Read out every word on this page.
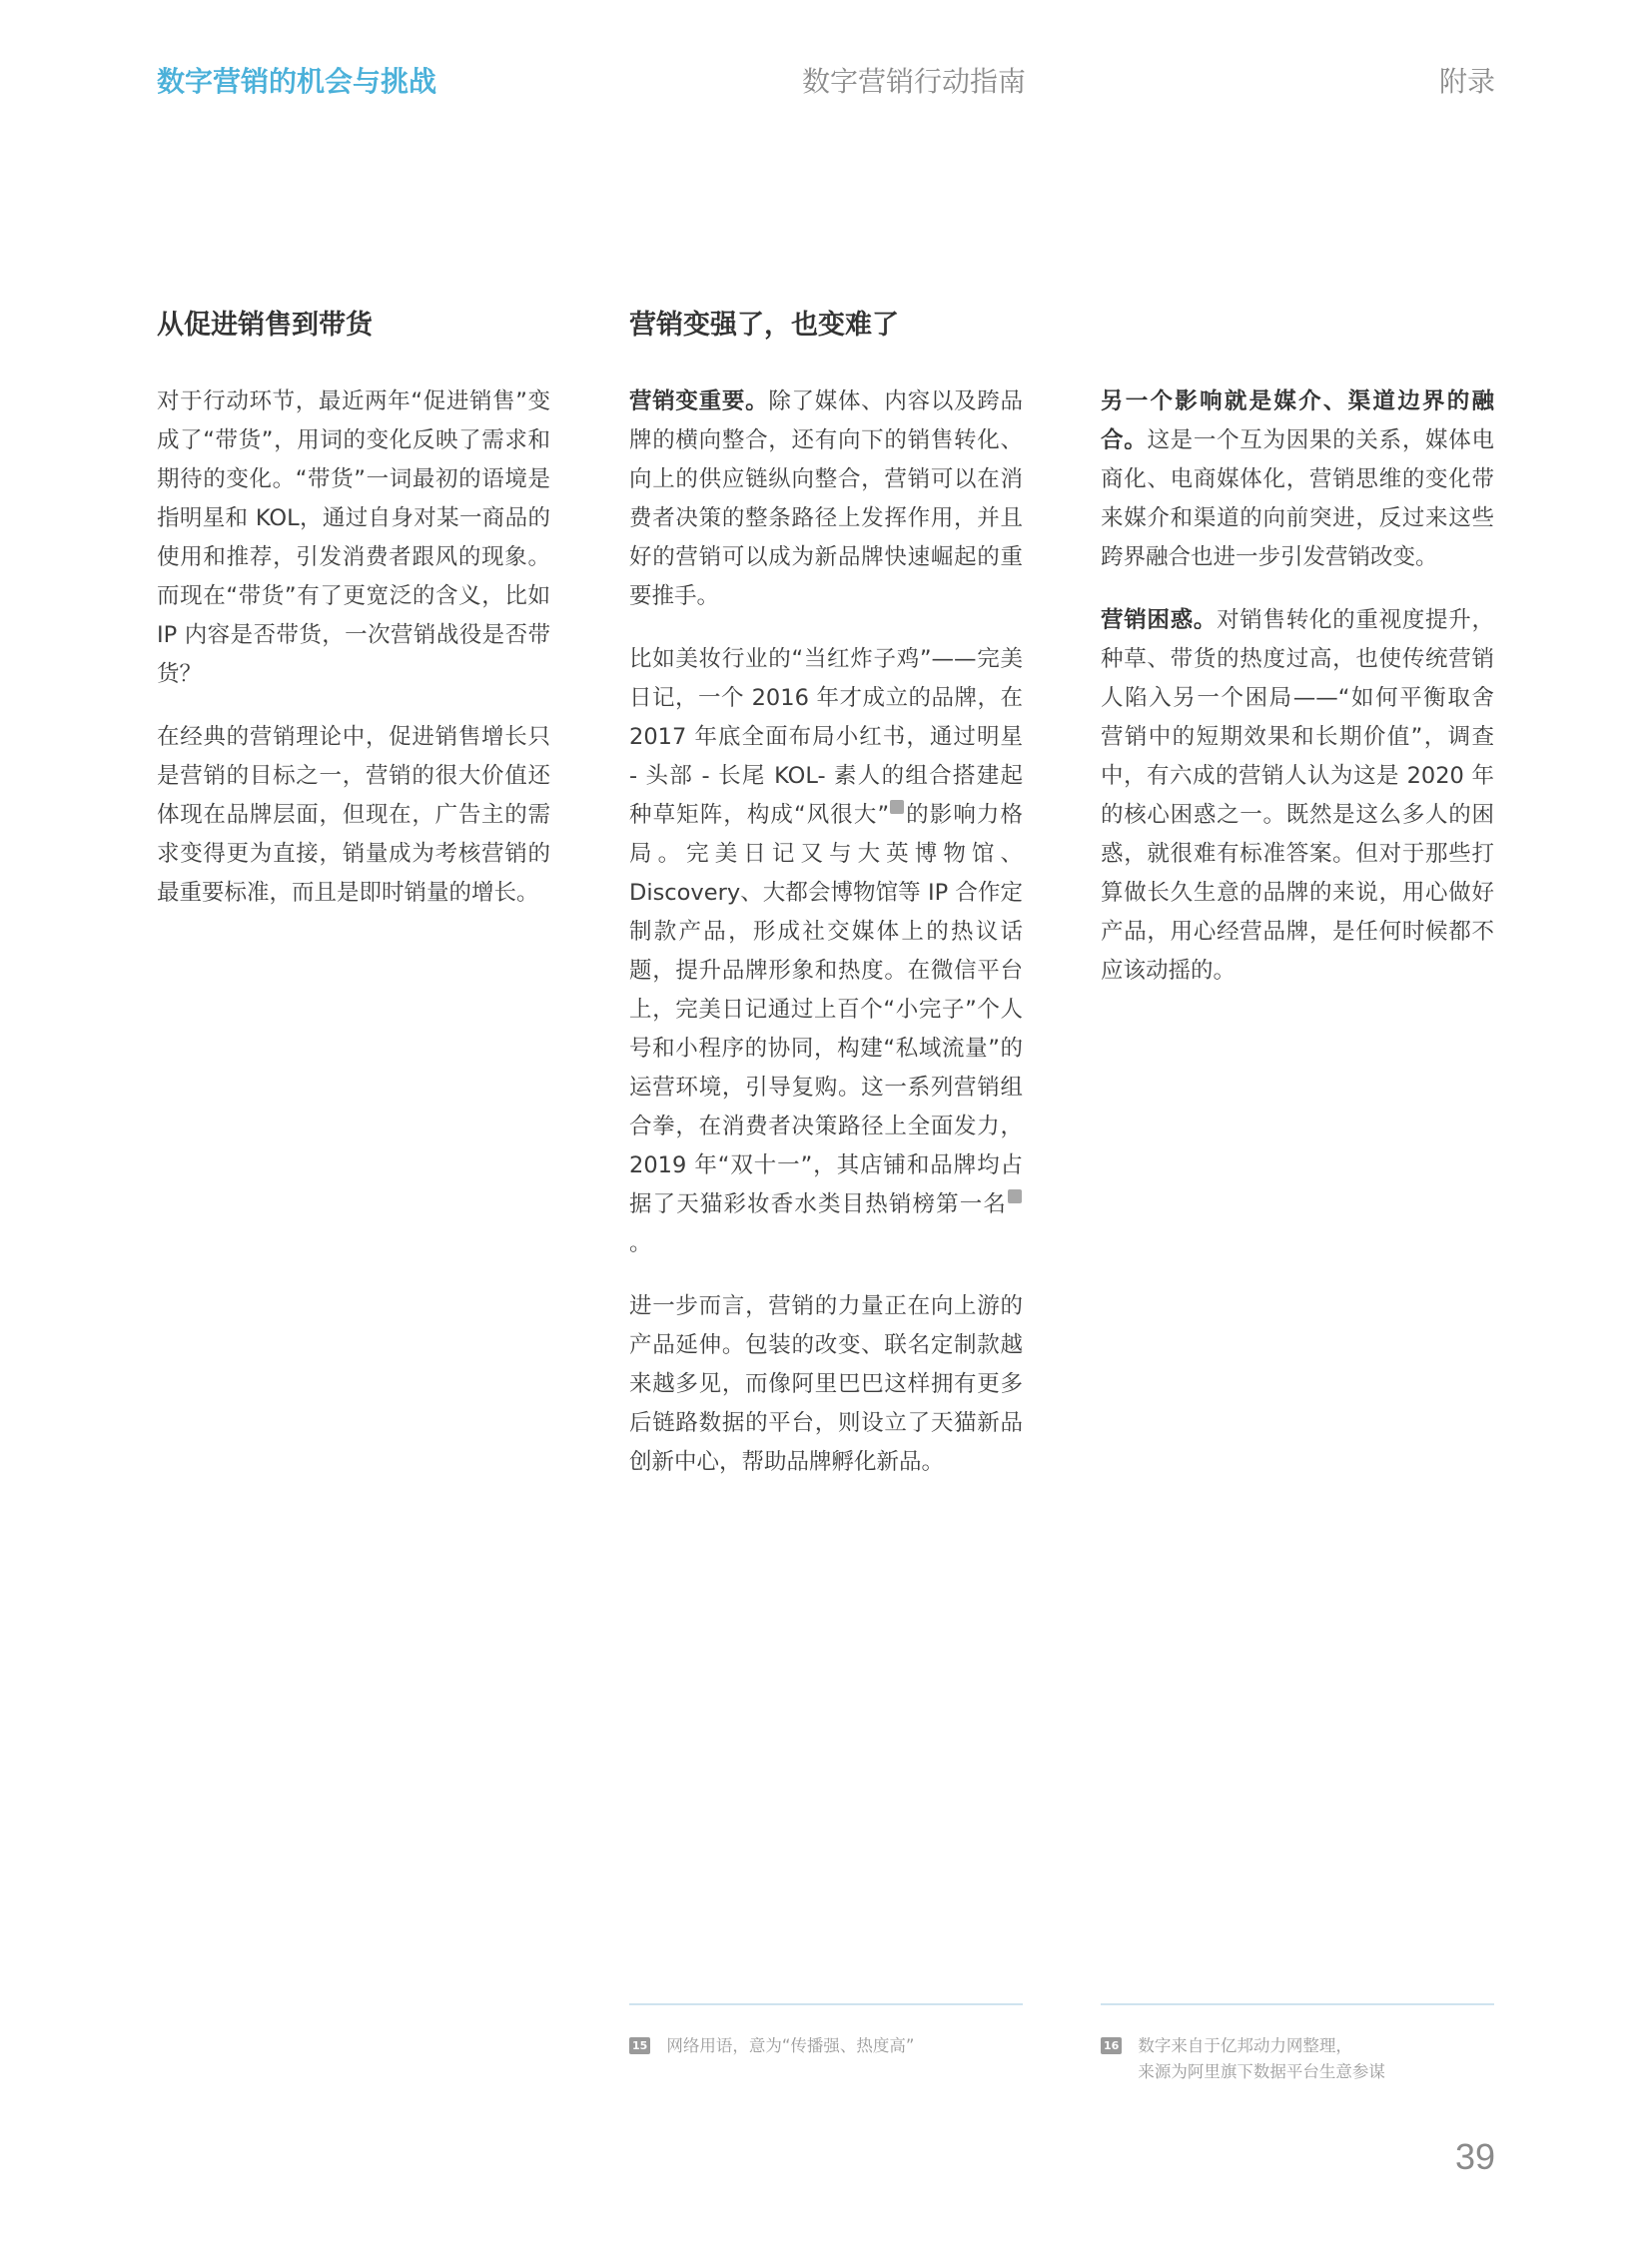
数字营销的机会与挑战	数字营销行动指南	附录
从促进销售到带货

对于行动环节，最近两年“促进销售”变成了“带货”，用词的变化反映了需求和期待的变化。“带货”一词最初的语境是指明星和 KOL，通过自身对某一商品的使用和推荐，引发消费者跟风的现象。而现在“带货”有了更宽泛的含义，比如 IP 内容是否带货，一次营销战役是否带货？

在经典的营销理论中，促进销售增长只是营销的目标之一，营销的很大价值还体现在品牌层面，但现在，广告主的需求变得更为直接，销量成为考核营销的最重要标准，而且是即时销量的增长。

营销变强了，也变难了

营销变重要。除了媒体、内容以及跨品牌的横向整合，还有向下的销售转化、向上的供应链纵向整合，营销可以在消费者决策的整条路径上发挥作用，并且好的营销可以成为新品牌快速崛起的重要推手。

比如美妆行业的“当红炸子鸡”——完美日记，一个 2016 年才成立的品牌，在 2017 年底全面布局小红书，通过明星 - 头部 - 长尾 KOL- 素人的组合搭建起种草矩阵，构成“风很大” 的影响力格局。完美日记又与大英博物馆、Discovery、大都会博物馆等 IP 合作定制款产品，形成社交媒体上的热议话题，提升品牌形象和热度。在微信平台上，完美日记通过上百个“小完子”个人号和小程序的协同，构建“私域流量”的运营环境，引导复购。这一系列营销组合拳，在消费者决策路径上全面发力，2019 年“双十一”，其店铺和品牌均占据了天猫彩妆香水类目热销榜第一名。

进一步而言，营销的力量正在向上游的产品延伸。包装的改变、联名定制款越来越多见，而像阿里巴巴这样拥有更多后链路数据的平台，则设立了天猫新品创新中心，帮助品牌孵化新品。

另一个影响就是媒介、渠道边界的融合。这是一个互为因果的关系，媒体电商化、电商媒体化，营销思维的变化带来媒介和渠道的向前突进，反过来这些跨界融合也进一步引发营销改变。

营销困惑。对销售转化的重视度提升，种草、带货的热度过高，也使传统营销人陷入另一个困局——“如何平衡取舍营销中的短期效果和长期价值”，调查中，有六成的营销人认为这是 2020 年的核心困惑之一。既然是这么多人的困惑，就很难有标准答案。但对于那些打算做长久生意的品牌的来说，用心做好产品，用心经营品牌，是任何时候都不应该动摇的。

15 网络用语，意为“传播强、热度高”	16 数字来自于亿邦动力网整理，
来源为阿里旗下数据平台生意参谋
39
